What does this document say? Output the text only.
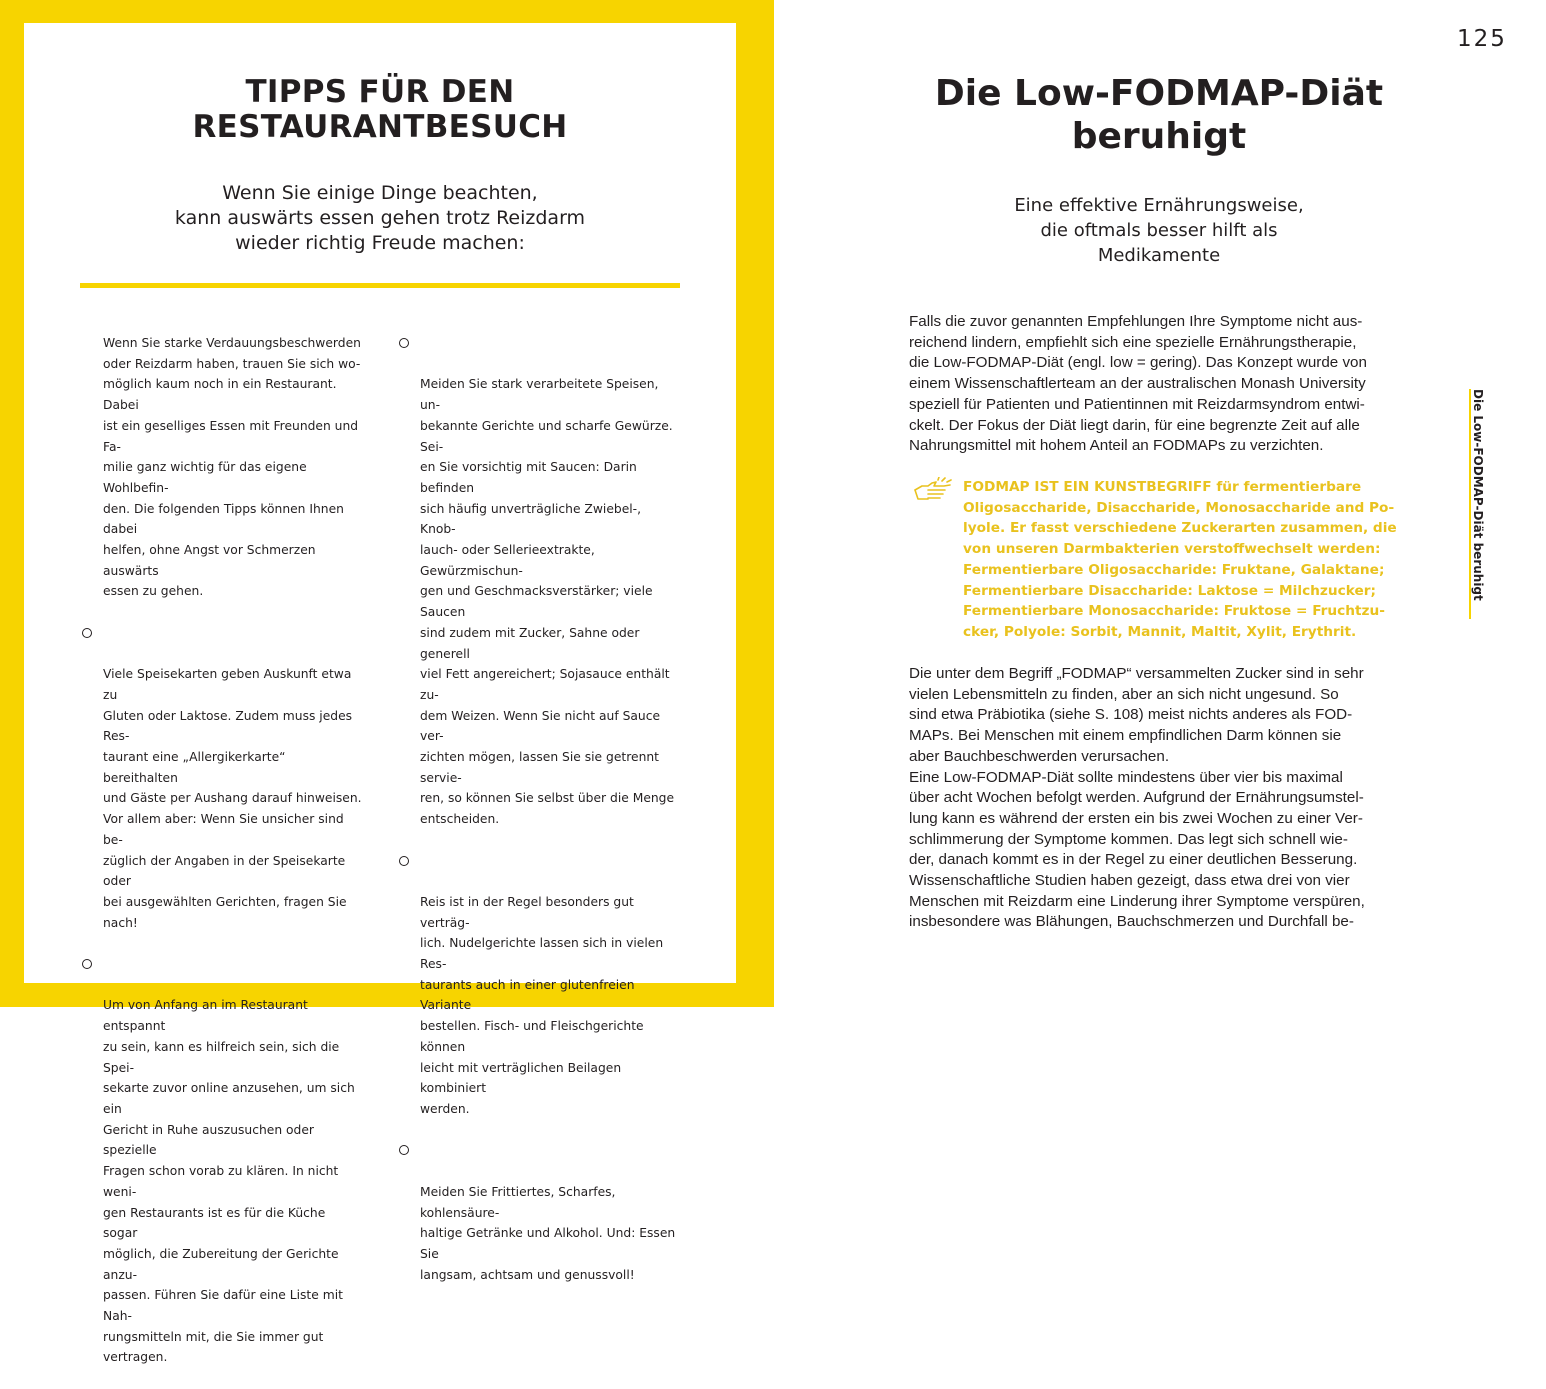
TIPPS FÜR DEN
RESTAURANTBESUCH

Wenn Sie einige Dinge beachten,
kann auswärts essen gehen trotz Reizdarm
wieder richtig Freude machen:

Wenn Sie starke Verdauungsbeschwerden
oder Reizdarm haben, trauen Sie sich wo-
möglich kaum noch in ein Restaurant. Dabei
ist ein geselliges Essen mit Freunden und Fa-
milie ganz wichtig für das eigene Wohlbefin-
den. Die folgenden Tipps können Ihnen dabei
helfen, ohne Angst vor Schmerzen auswärts
essen zu gehen.

Viele Speisekarten geben Auskunft etwa zu
Gluten oder Laktose. Zudem muss jedes Res-
taurant eine „Allergikerkarte“ bereithalten
und Gäste per Aushang darauf hinweisen.
Vor allem aber: Wenn Sie unsicher sind be-
züglich der Angaben in der Speisekarte oder
bei ausgewählten Gerichten, fragen Sie nach!

Um von Anfang an im Restaurant entspannt
zu sein, kann es hilfreich sein, sich die Spei-
sekarte zuvor online anzusehen, um sich ein
Gericht in Ruhe auszusuchen oder spezielle
Fragen schon vorab zu klären. In nicht weni-
gen Restaurants ist es für die Küche sogar
möglich, die Zubereitung der Gerichte anzu-
passen. Führen Sie dafür eine Liste mit Nah-
rungsmitteln mit, die Sie immer gut vertragen.

Meiden Sie stark verarbeitete Speisen, un-
bekannte Gerichte und scharfe Gewürze. Sei-
en Sie vorsichtig mit Saucen: Darin befinden
sich häufig unverträgliche Zwiebel-, Knob-
lauch- oder Sellerieextrakte, Gewürzmischun-
gen und Geschmacksverstärker; viele Saucen
sind zudem mit Zucker, Sahne oder generell
viel Fett angereichert; Sojasauce enthält zu-
dem Weizen. Wenn Sie nicht auf Sauce ver-
zichten mögen, lassen Sie sie getrennt servie-
ren, so können Sie selbst über die Menge
entscheiden.

Reis ist in der Regel besonders gut verträg-
lich. Nudelgerichte lassen sich in vielen Res-
taurants auch in einer glutenfreien Variante
bestellen. Fisch- und Fleischgerichte können
leicht mit verträglichen Beilagen kombiniert
werden.

Meiden Sie Frittiertes, Scharfes, kohlensäure-
haltige Getränke und Alkohol. Und: Essen Sie
langsam, achtsam und genussvoll!

125
Die Low-FODMAP-Diät
beruhigt

Eine effektive Ernährungsweise,
die oftmals besser hilft als
Medikamente

Falls die zuvor genannten Empfehlungen Ihre Symptome nicht aus-
reichend lindern, empfiehlt sich eine spezielle Ernährungstherapie,
die Low-FODMAP-Diät (engl. low = gering). Das Konzept wurde von
einem Wissenschaftlerteam an der australischen Monash University
speziell für Patienten und Patientinnen mit Reizdarmsyndrom entwi-
ckelt. Der Fokus der Diät liegt darin, für eine begrenzte Zeit auf alle
Nahrungsmittel mit hohem Anteil an FODMAPs zu verzichten.

FODMAP IST EIN KUNSTBEGRIFF für fermentierbare
Oligosaccharide, Disaccharide, Monosaccharide and Po-
lyole. Er fasst verschiedene Zuckerarten zusammen, die
von unseren Darmbakterien verstoffwechselt werden:
Fermentierbare Oligosaccharide: Fruktane, Galaktane;
Fermentierbare Disaccharide: Laktose = Milchzucker;
Fermentierbare Monosaccharide: Fruktose = Fruchtzu-
cker, Polyole: Sorbit, Mannit, Maltit, Xylit, Erythrit.

Die unter dem Begriff „FODMAP“ versammelten Zucker sind in sehr
vielen Lebensmitteln zu finden, aber an sich nicht ungesund. So
sind etwa Präbiotika (siehe S. 108) meist nichts anderes als FOD-
MAPs. Bei Menschen mit einem empfindlichen Darm können sie
aber Bauchbeschwerden verursachen.
Eine Low-FODMAP-Diät sollte mindestens über vier bis maximal
über acht Wochen befolgt werden. Aufgrund der Ernährungsumstel-
lung kann es während der ersten ein bis zwei Wochen zu einer Ver-
schlimmerung der Symptome kommen. Das legt sich schnell wie-
der, danach kommt es in der Regel zu einer deutlichen Besserung.
Wissenschaftliche Studien haben gezeigt, dass etwa drei von vier
Menschen mit Reizdarm eine Linderung ihrer Symptome verspüren,
insbesondere was Blähungen, Bauchschmerzen und Durchfall be-

Die Low-FODMAP-Diät beruhigt
